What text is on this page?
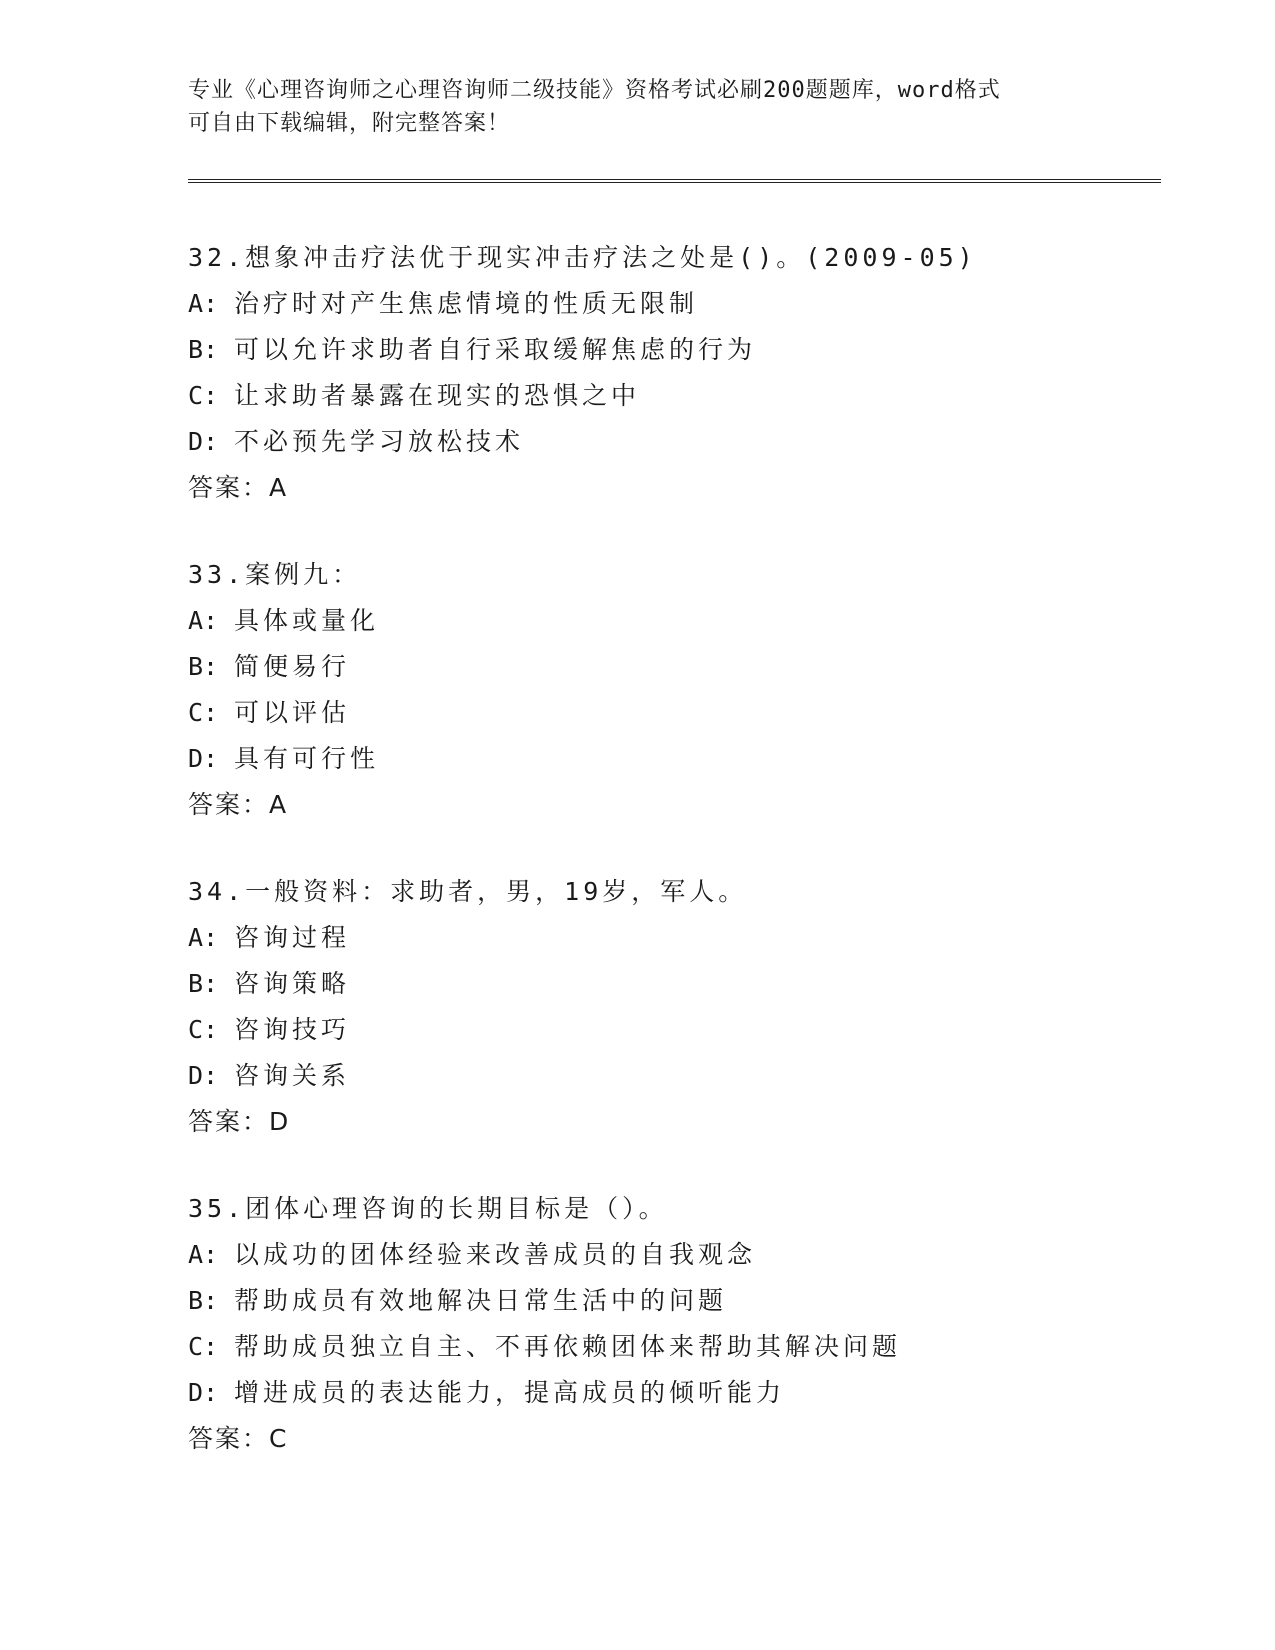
专业《心理咨询师之心理咨询师二级技能》资格考试必刷200题题库，word格式
可自由下载编辑，附完整答案！
32.想象冲击疗法优于现实冲击疗法之处是()。(2009-05)
A: 治疗时对产生焦虑情境的性质无限制
B: 可以允许求助者自行采取缓解焦虑的行为
C: 让求助者暴露在现实的恐惧之中
D: 不必预先学习放松技术
答案：A
33.案例九：
A: 具体或量化
B: 简便易行
C: 可以评估
D: 具有可行性
答案：A
34.一般资料：求助者，男，19岁，军人。
A: 咨询过程
B: 咨询策略
C: 咨询技巧
D: 咨询关系
答案：D
35.团体心理咨询的长期目标是（）。
A: 以成功的团体经验来改善成员的自我观念
B: 帮助成员有效地解决日常生活中的问题
C: 帮助成员独立自主、不再依赖团体来帮助其解决问题
D: 增进成员的表达能力，提高成员的倾听能力
答案：C
